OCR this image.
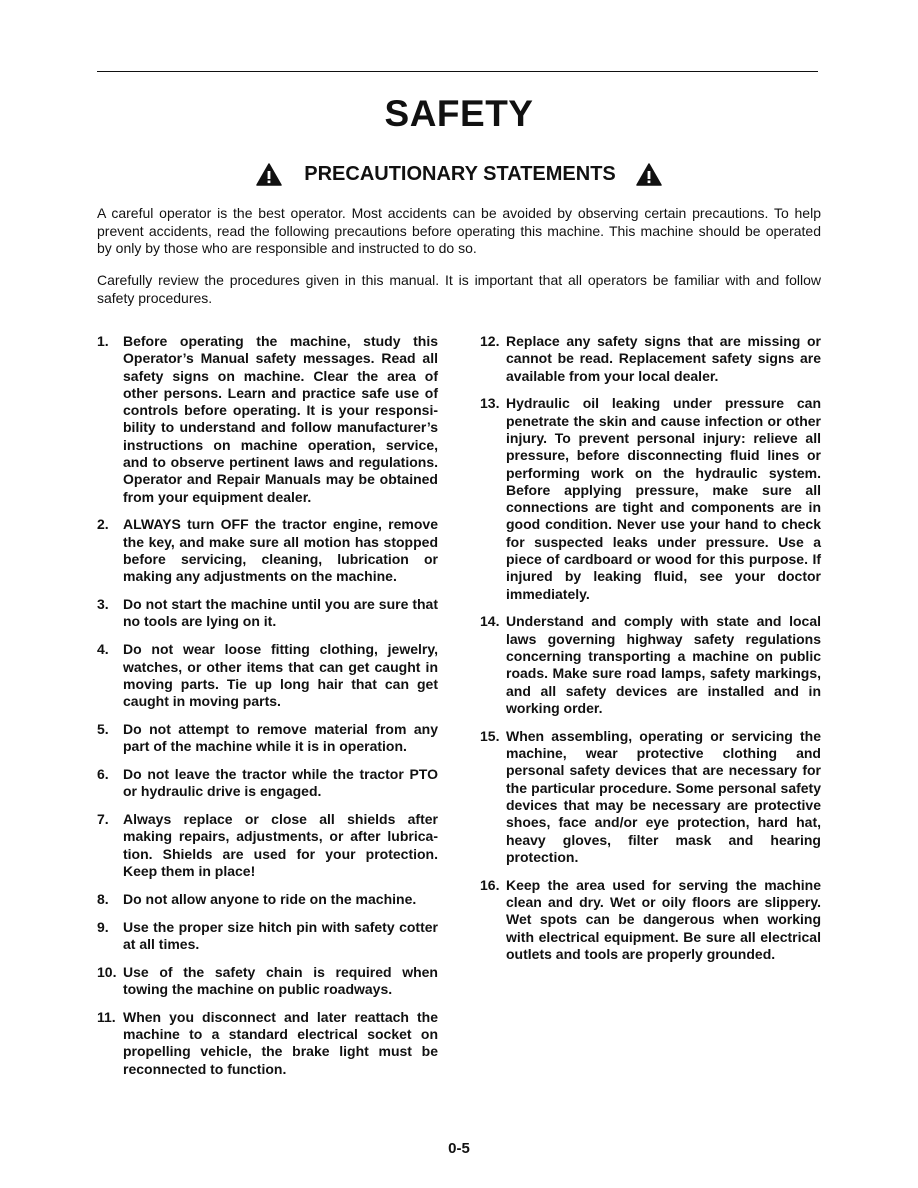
SAFETY
PRECAUTIONARY STATEMENTS

A careful operator is the best operator. Most accidents can be avoided by observing certain precautions. To help prevent accidents, read the following precautions before operating this machine. This machine should be operated by only by those who are responsible and instructed to do so.

Carefully review the procedures given in this manual. It is important that all operators be familiar with and follow safety procedures.

1.	Before operating the machine, study this Operator’s Manual safety messages. Read all safety signs on machine. Clear the area of other persons. Learn and practice safe use of controls before operating. It is your responsibility to understand and follow manufacturer’s instructions on machine operation, service, and to observe pertinent laws and regulations. Operator and Repair Manuals may be obtained from your equipment dealer.
2.	ALWAYS turn OFF the tractor engine, remove the key, and make sure all motion has stopped before servicing, cleaning, lubrication or making any adjustments on the machine.
3.	Do not start the machine until you are sure that no tools are lying on it.
4.	Do not wear loose fitting clothing, jewelry, watches, or other items that can get caught in moving parts. Tie up long hair that can get caught in moving parts.
5.	Do not attempt to remove material from any part of the machine while it is in operation.
6.	Do not leave the tractor while the tractor PTO or hydraulic drive is engaged.
7.	Always replace or close all shields after making repairs, adjustments, or after lubrication. Shields are used for your protection. Keep them in place!
8.	Do not allow anyone to ride on the machine.
9.	Use the proper size hitch pin with safety cotter at all times.
10. Use of the safety chain is required when towing the machine on public roadways.
11. When you disconnect and later reattach the machine to a standard electrical socket on propelling vehicle, the brake light must be reconnected to function.
12. Replace any safety signs that are missing or cannot be read. Replacement safety signs are available from your local dealer.
13. Hydraulic oil leaking under pressure can penetrate the skin and cause infection or other injury. To prevent personal injury: relieve all pressure, before disconnecting fluid lines or performing work on the hydraulic system. Before applying pressure, make sure all connections are tight and components are in good condition. Never use your hand to check for suspected leaks under pressure. Use a piece of cardboard or wood for this purpose. If injured by leaking fluid, see your doctor immediately.
14. Understand and comply with state and local laws governing highway safety regulations concerning transporting a machine on public roads. Make sure road lamps, safety markings, and all safety devices are installed and in working order.
15. When assembling, operating or servicing the machine, wear protective clothing and personal safety devices that are necessary for the particular procedure. Some personal safety devices that may be necessary are protective shoes, face and/or eye protection, hard hat, heavy gloves, filter mask and hearing protection.
16. Keep the area used for serving the machine clean and dry. Wet or oily floors are slippery. Wet spots can be dangerous when working with electrical equipment. Be sure all electrical outlets and tools are properly grounded.
0-5
